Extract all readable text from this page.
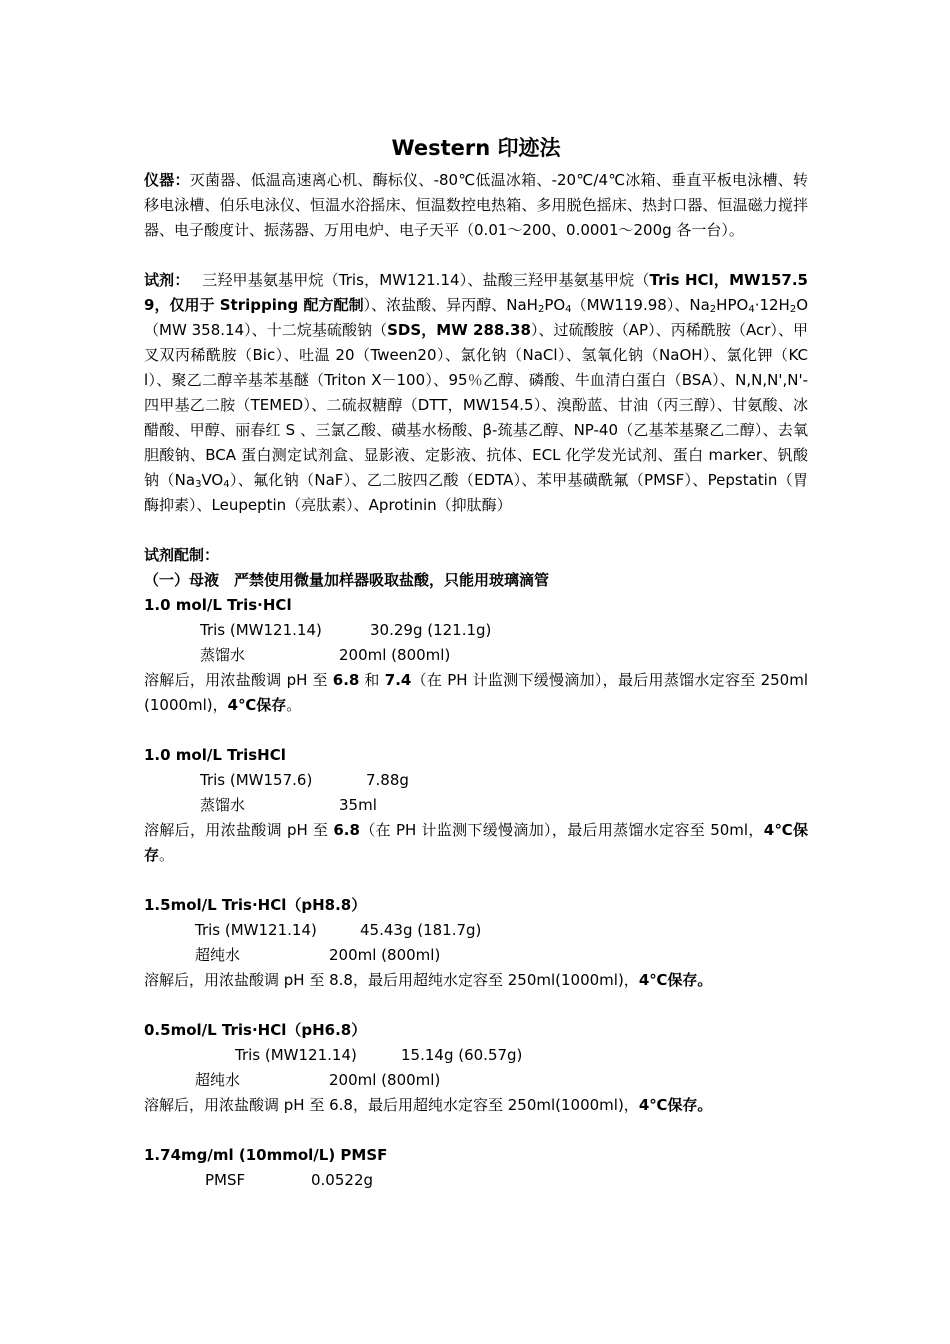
Western 印迹法

仪器：灭菌器、低温高速离心机、酶标仪、-80℃低温冰箱、-20℃/4℃冰箱、垂直平板电泳槽、转移电泳槽、伯乐电泳仪、恒温水浴摇床、恒温数控电热箱、多用脱色摇床、热封口器、恒温磁力搅拌器、电子酸度计、振荡器、万用电炉、电子天平（0.01～200、0.0001～200g 各一台）。

试剂：　 三羟甲基氨基甲烷（Tris，MW121.14）、盐酸三羟甲基氨基甲烷（Tris HCl，MW157.59，仅用于 Stripping 配方配制）、浓盐酸、异丙醇、$NaH_2PO_4(MW119.98)$、$Na_2HPO_4\cdot 12H_2O(MW$ 358.14）、十二烷基硫酸钠（SDS，MW 288.38）、过硫酸胺（AP）、丙稀酰胺（Acr）、甲叉双丙稀酰胺（Bic）、吐温 20（Tween20）、氯化钠（NaCl）、氢氧化钠（NaOH）、氯化钾（KCl）、聚乙二醇辛基苯基醚（Triton X－100）、95％乙醇、磷酸、牛血清白蛋白（BSA）、N,N,N',N'-四甲基乙二胺（TEMED）、二硫叔糖醇（DTT，MW154.5）、溴酚蓝、甘油（丙三醇）、甘氨酸、冰醋酸、甲醇、丽春红 S 、三氯乙酸、磺基水杨酸、β-巯基乙醇、NP-40（乙基苯基聚乙二醇）、去氧胆酸钠、BCA 蛋白测定试剂盒、显影液、定影液、抗体、ECL 化学发光试剂、蛋白 marker、钒酸钠$(Na_3VO_4)$、氟化钠（NaF）、乙二胺四乙酸（EDTA）、苯甲基磺酰氟（PMSF）、Pepstatin（胃酶抑素）、Leupeptin（亮肽素）、Aprotinin（抑肽酶）

试剂配制：

（一）母液　严禁使用微量加样器吸取盐酸，只能用玻璃滴管

1.0 mol/L Tris·HCl

Tris (MW121.14)	30.29g (121.1g)
蒸馏水	200ml (800ml)

溶解后，用浓盐酸调 pH 至 6.8 和 7.4（在 PH 计监测下缓慢滴加），最后用蒸馏水定容至 250ml(1000ml)，4℃保存。

1.0 mol/L TrisHCl

Tris (MW157.6)	7.88g
蒸馏水	35ml

溶解后，用浓盐酸调 pH 至 6.8（在 PH 计监测下缓慢滴加），最后用蒸馏水定容至 50ml，4℃保存。

1.5mol/L Tris·HCl（pH8.8）

Tris (MW121.14)	45.43g (181.7g)
超纯水	200ml (800ml)

溶解后，用浓盐酸调 pH 至 8.8，最后用超纯水定容至 250ml(1000ml)，4℃保存。

0.5mol/L Tris·HCl（pH6.8）

Tris (MW121.14)	15.14g (60.57g)
超纯水	200ml (800ml)

溶解后，用浓盐酸调 pH 至 6.8，最后用超纯水定容至 250ml(1000ml)，4℃保存。

1.74mg/ml (10mmol/L) PMSF

PMSF	0.0522g
